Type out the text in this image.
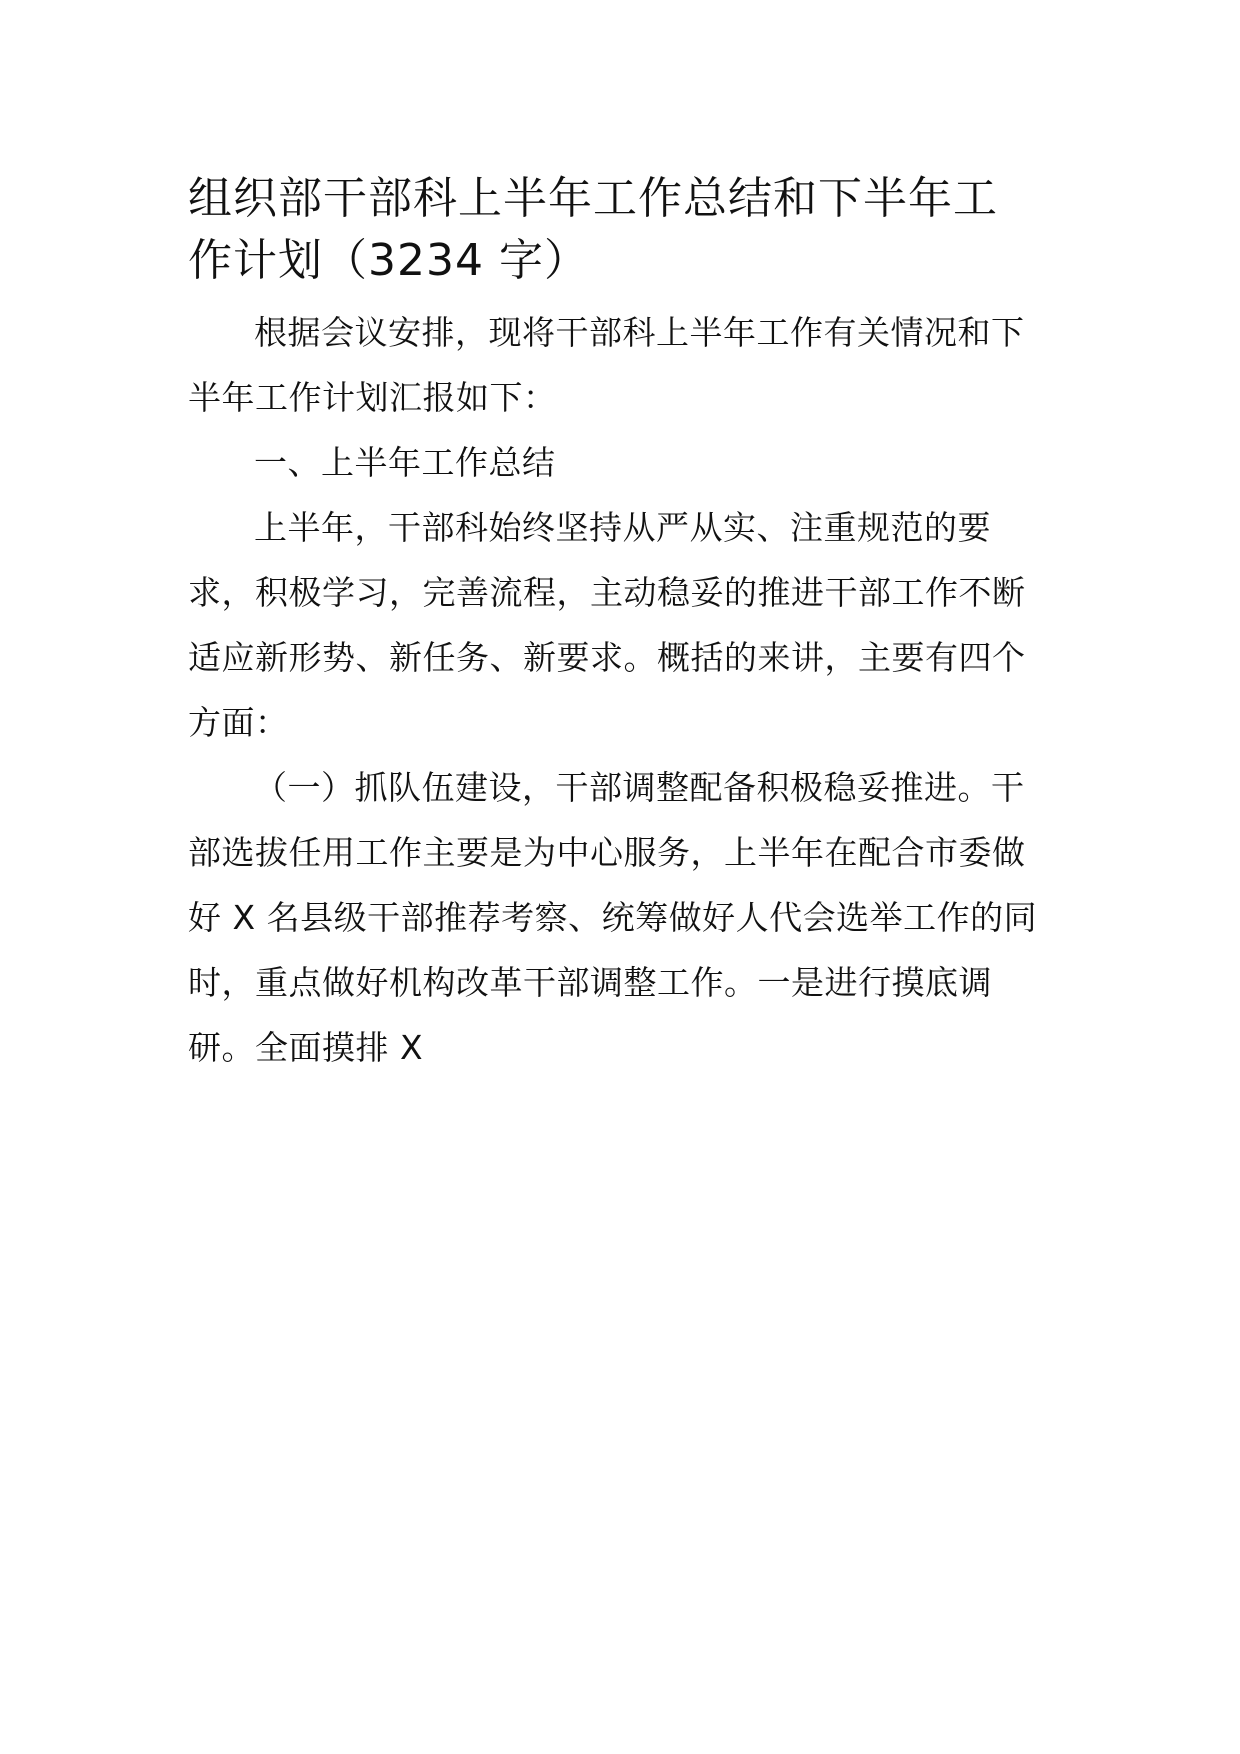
组织部干部科上半年工作总结和下半年工
作计划（3234 字）

根据会议安排，现将干部科上半年工作有关情况和下
半年工作计划汇报如下：

一、上半年工作总结

上半年，干部科始终坚持从严从实、注重规范的要
求，积极学习，完善流程，主动稳妥的推进干部工作不断
适应新形势、新任务、新要求。概括的来讲，主要有四个
方面：

（一）抓队伍建设，干部调整配备积极稳妥推进。干
部选拔任用工作主要是为中心服务，上半年在配合市委做
好 X 名县级干部推荐考察、统筹做好人代会选举工作的同
时，重点做好机构改革干部调整工作。一是进行摸底调
研。全面摸排 X
